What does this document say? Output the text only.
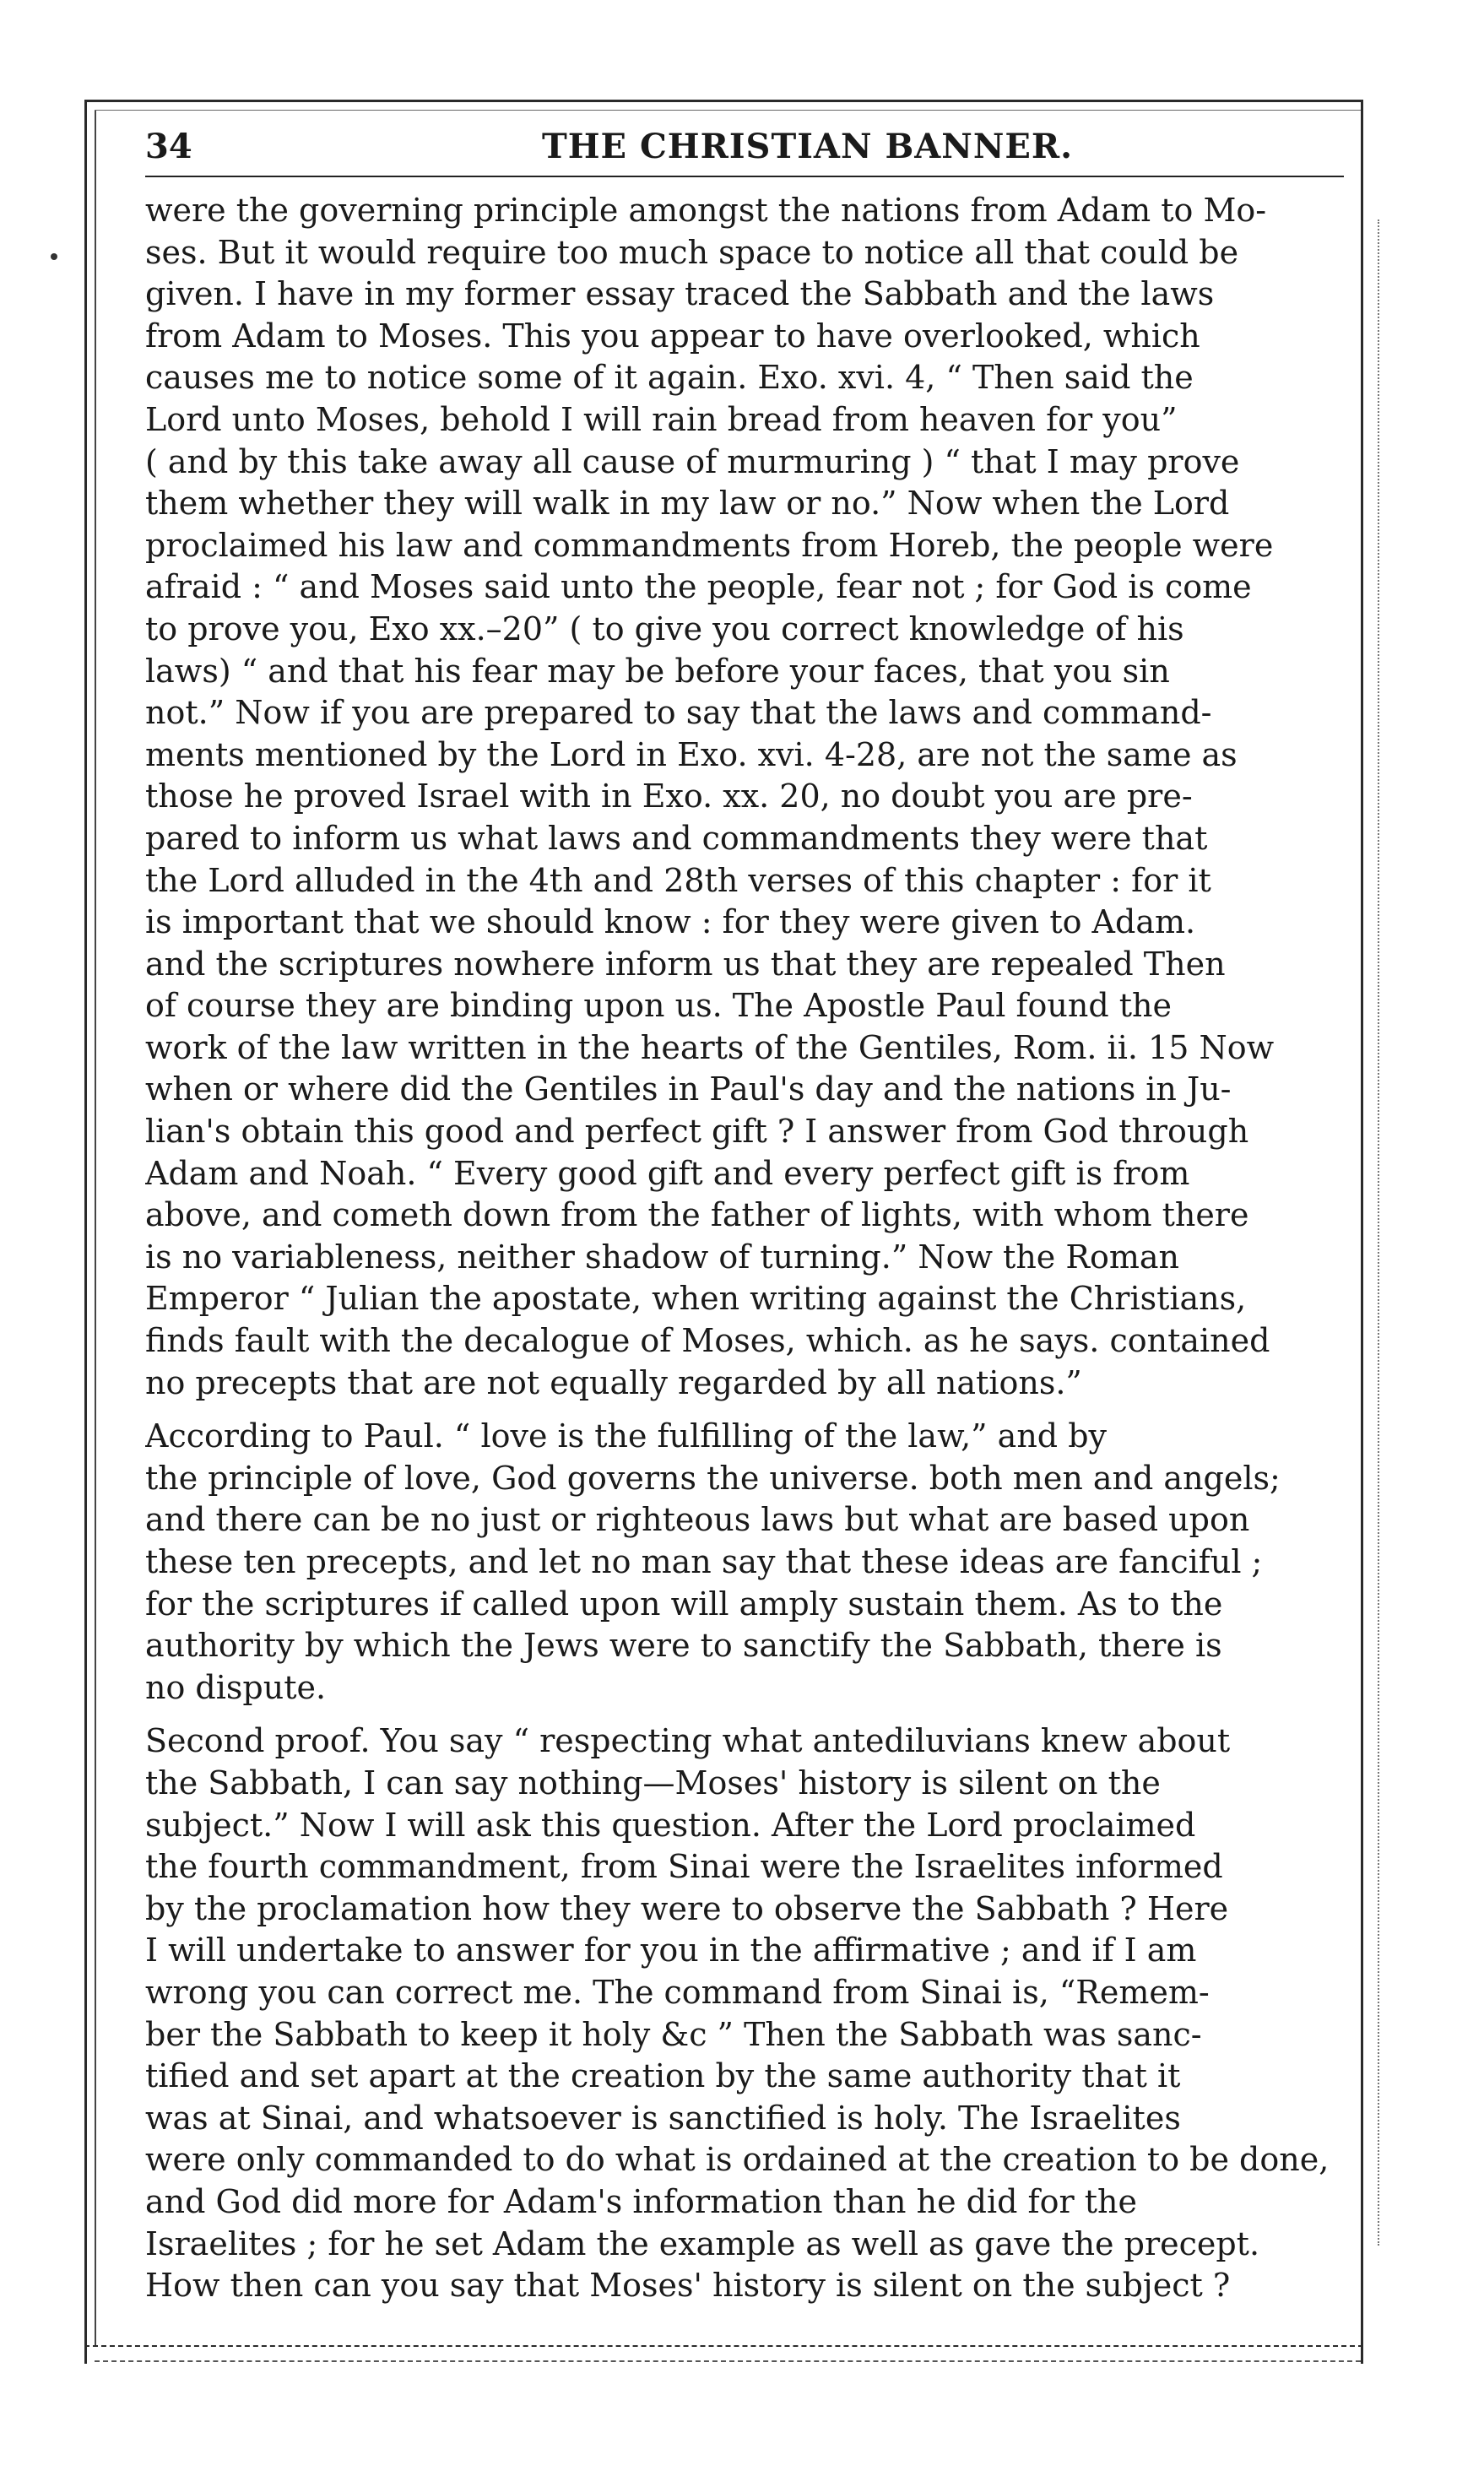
34	THE CHRISTIAN BANNER.
were the governing principle amongst the nations from Adam to Mo-
ses. But it would require too much space to notice all that could be
given. I have in my former essay traced the Sabbath and the laws
from Adam to Moses. This you appear to have overlooked, which
causes me to notice some of it again. Exo. xvi. 4, “ Then said the
Lord unto Moses, behold I will rain bread from heaven for you”
( and by this take away all cause of murmuring ) “ that I may prove
them whether they will walk in my law or no.” Now when the Lord
proclaimed his law and commandments from Horeb, the people were
afraid : “ and Moses said unto the people, fear not ; for God is come
to prove you, Exo xx.–20” ( to give you correct knowledge of his
laws) “ and that his fear may be before your faces, that you sin
not.” Now if you are prepared to say that the laws and command-
ments mentioned by the Lord in Exo. xvi. 4-28, are not the same as
those he proved Israel with in Exo. xx. 20, no doubt you are pre-
pared to inform us what laws and commandments they were that
the Lord alluded in the 4th and 28th verses of this chapter : for it
is important that we should know : for they were given to Adam.
and the scriptures nowhere inform us that they are repealed Then
of course they are binding upon us. The Apostle Paul found the
work of the law written in the hearts of the Gentiles, Rom. ii. 15 Now
when or where did the Gentiles in Paul's day and the nations in Ju-
lian's obtain this good and perfect gift ? I answer from God through
Adam and Noah. “ Every good gift and every perfect gift is from
above, and cometh down from the father of lights, with whom there
is no variableness, neither shadow of turning.” Now the Roman
Emperor “ Julian the apostate, when writing against the Christians,
finds fault with the decalogue of Moses, which. as he says. contained
no precepts that are not equally regarded by all nations.”
According to Paul. “ love is the fulfilling of the law,” and by
the principle of love, God governs the universe. both men and angels;
and there can be no just or righteous laws but what are based upon
these ten precepts, and let no man say that these ideas are fanciful ;
for the scriptures if called upon will amply sustain them. As to the
authority by which the Jews were to sanctify the Sabbath, there is
no dispute.
Second proof. You say “ respecting what antediluvians knew about
the Sabbath, I can say nothing—Moses' history is silent on the
subject.” Now I will ask this question. After the Lord proclaimed
the fourth commandment, from Sinai were the Israelites informed
by the proclamation how they were to observe the Sabbath ? Here
I will undertake to answer for you in the affirmative ; and if I am
wrong you can correct me. The command from Sinai is, “Remem-
ber the Sabbath to keep it holy &c ” Then the Sabbath was sanc-
tified and set apart at the creation by the same authority that it
was at Sinai, and whatsoever is sanctified is holy. The Israelites
were only commanded to do what is ordained at the creation to be done,
and God did more for Adam's information than he did for the
Israelites ; for he set Adam the example as well as gave the precept.
How then can you say that Moses' history is silent on the subject ?
